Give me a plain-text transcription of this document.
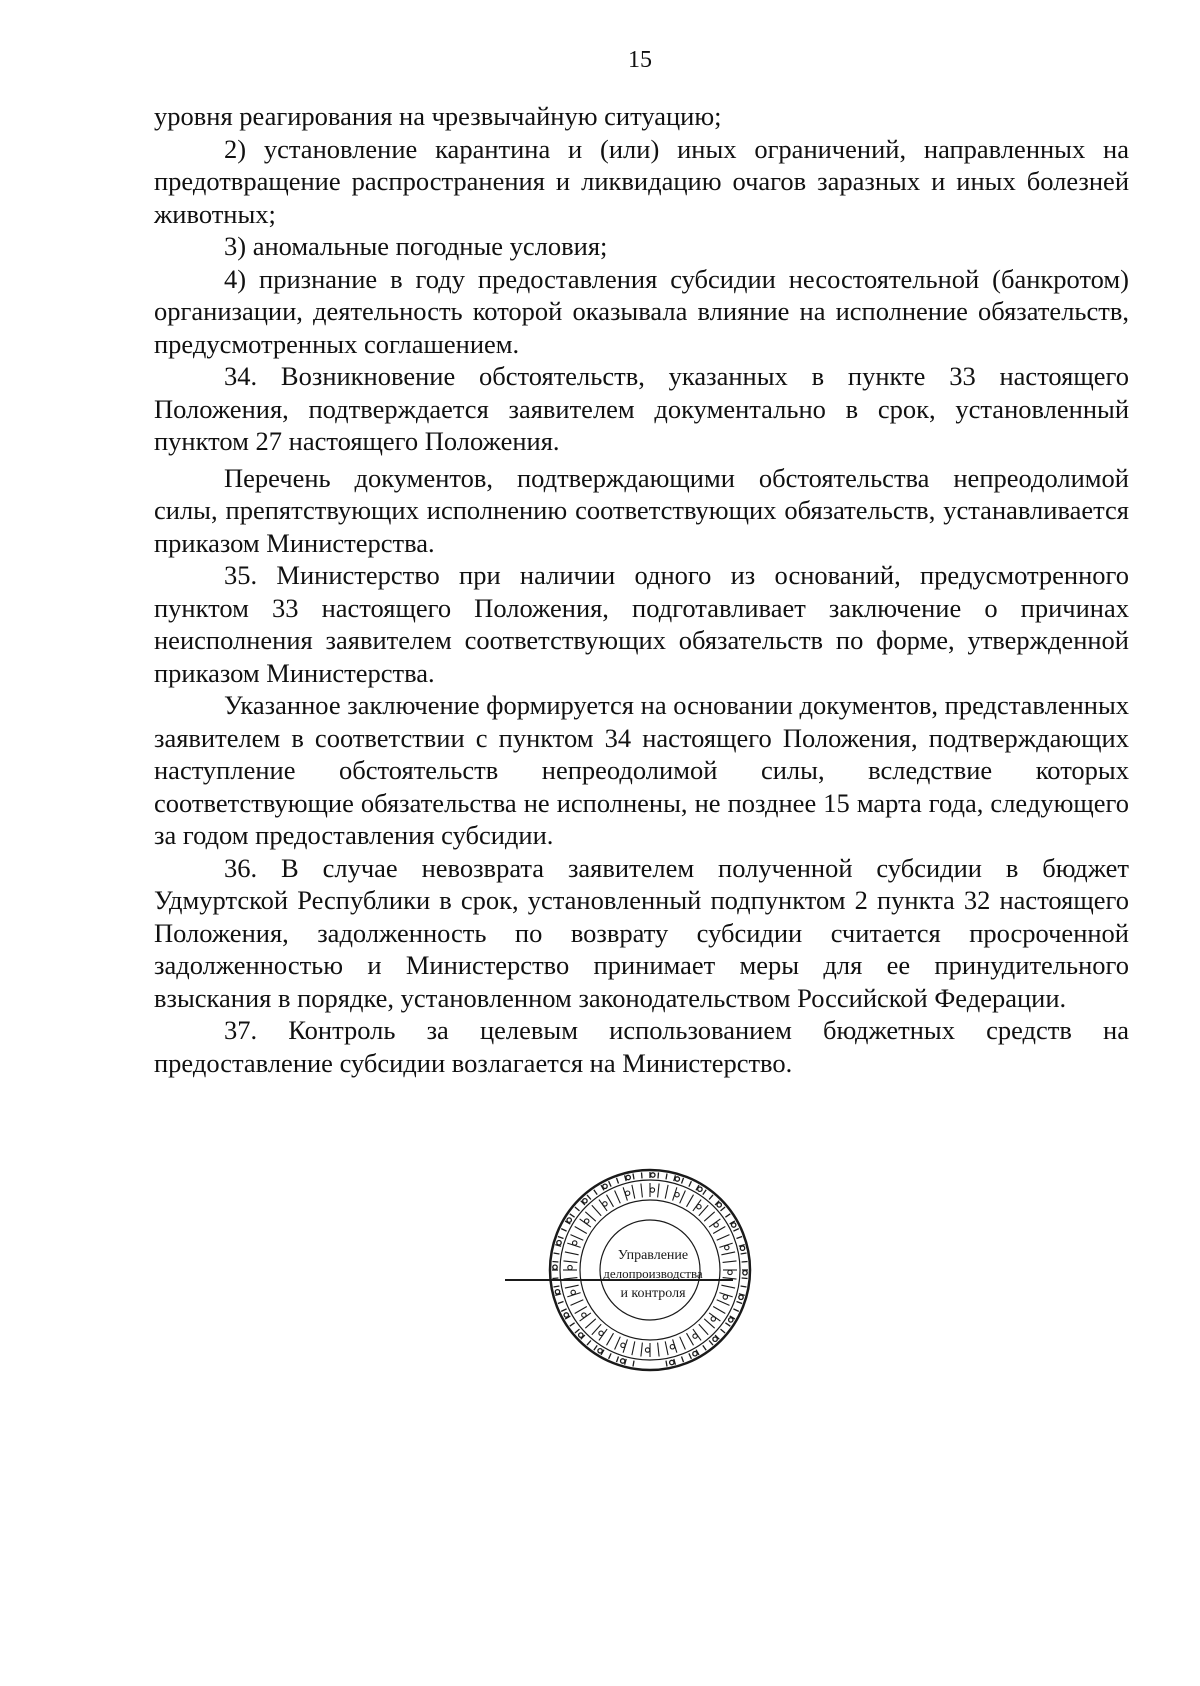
15

уровня реагирования на чрезвычайную ситуацию;

2) установление карантина и (или) иных ограничений, направленных на предотвращение распространения и ликвидацию очагов заразных и иных болезней животных;

3) аномальные погодные условия;

4) признание в году предоставления субсидии несостоятельной (банкротом) организации, деятельность которой оказывала влияние на исполнение обязательств, предусмотренных соглашением.

34. Возникновение обстоятельств, указанных в пункте 33 настоящего Положения, подтверждается заявителем документально в срок, установленный пунктом 27 настоящего Положения.

Перечень документов, подтверждающими обстоятельства непреодолимой силы, препятствующих исполнению соответствующих обязательств, устанавливается приказом Министерства.

35. Министерство при наличии одного из оснований, предусмотренного пунктом 33 настоящего Положения, подготавливает заключение о причинах неисполнения заявителем соответствующих обязательств по форме, утвержденной приказом Министерства.

Указанное заключение формируется на основании документов, представленных заявителем в соответствии с пунктом 34 настоящего Положения, подтверждающих наступление обстоятельств непреодолимой силы, вследствие которых соответствующие обязательства не исполнены, не позднее 15 марта года, следующего за годом предоставления субсидии.

36. В случае невозврата заявителем полученной субсидии в бюджет Удмуртской Республики в срок, установленный подпунктом 2 пункта 32 настоящего Положения, задолженность по возврату субсидии считается просроченной задолженностью и Министерство принимает меры для ее принудительного взыскания в порядке, установленном законодательством Российской Федерации.

37. Контроль за целевым использованием бюджетных средств на предоставление субсидии возлагается на Министерство.

Управление
делопроизводства
и контроля
